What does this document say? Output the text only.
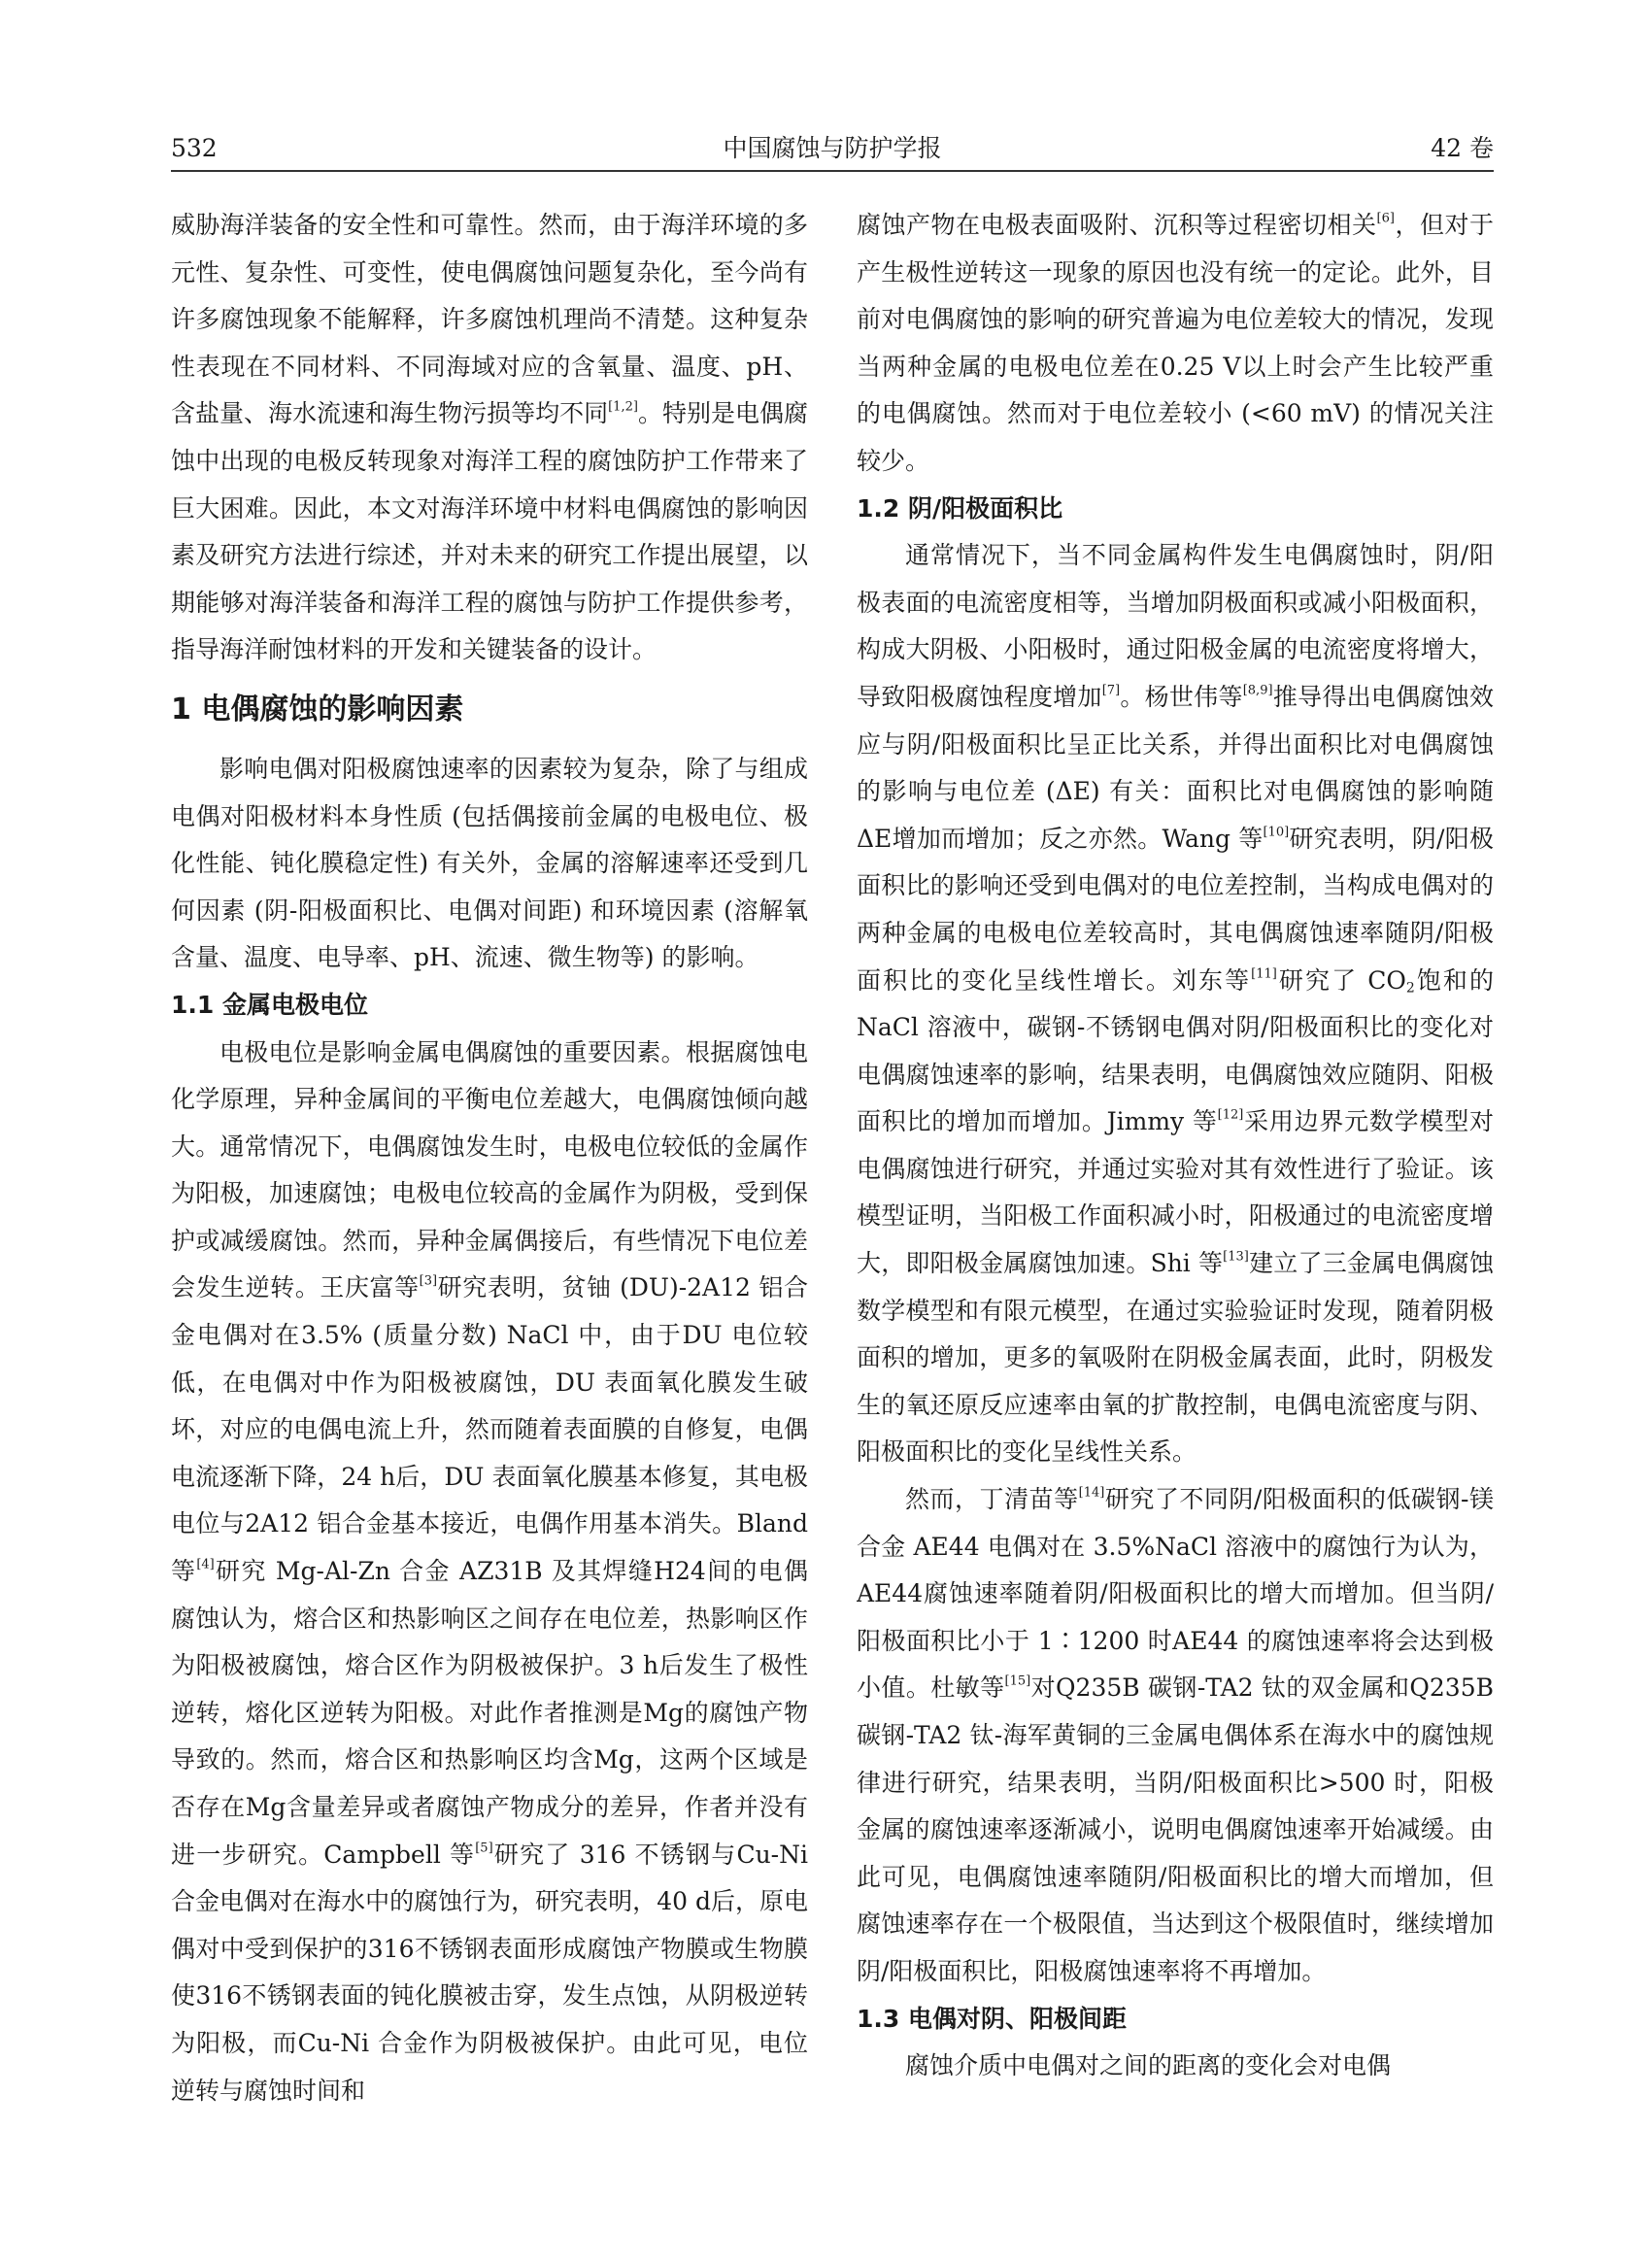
532	中国腐蚀与防护学报	42 卷

威胁海洋装备的安全性和可靠性。然而，由于海洋环境的多元性、复杂性、可变性，使电偶腐蚀问题复杂化，至今尚有许多腐蚀现象不能解释，许多腐蚀机理尚不清楚。这种复杂性表现在不同材料、不同海域对应的含氧量、温度、pH、含盐量、海水流速和海生物污损等均不同[1,2]。特别是电偶腐蚀中出现的电极反转现象对海洋工程的腐蚀防护工作带来了巨大困难。因此，本文对海洋环境中材料电偶腐蚀的影响因素及研究方法进行综述，并对未来的研究工作提出展望，以期能够对海洋装备和海洋工程的腐蚀与防护工作提供参考，指导海洋耐蚀材料的开发和关键装备的设计。

1 电偶腐蚀的影响因素

影响电偶对阳极腐蚀速率的因素较为复杂，除了与组成电偶对阳极材料本身性质 (包括偶接前金属的电极电位、极化性能、钝化膜稳定性) 有关外，金属的溶解速率还受到几何因素 (阴-阳极面积比、电偶对间距) 和环境因素 (溶解氧含量、温度、电导率、pH、流速、微生物等) 的影响。

1.1 金属电极电位

电极电位是影响金属电偶腐蚀的重要因素。根据腐蚀电化学原理，异种金属间的平衡电位差越大，电偶腐蚀倾向越大。通常情况下，电偶腐蚀发生时，电极电位较低的金属作为阳极，加速腐蚀；电极电位较高的金属作为阴极，受到保护或减缓腐蚀。然而，异种金属偶接后，有些情况下电位差会发生逆转。王庆富等[3]研究表明，贫铀 (DU)-2A12 铝合金电偶对在3.5% (质量分数) NaCl 中，由于DU 电位较低，在电偶对中作为阳极被腐蚀，DU 表面氧化膜发生破坏，对应的电偶电流上升，然而随着表面膜的自修复，电偶电流逐渐下降，24 h后，DU 表面氧化膜基本修复，其电极电位与2A12 铝合金基本接近，电偶作用基本消失。Bland 等[4]研究 Mg-Al-Zn 合金 AZ31B 及其焊缝H24间的电偶腐蚀认为，熔合区和热影响区之间存在电位差，热影响区作为阳极被腐蚀，熔合区作为阴极被保护。3 h后发生了极性逆转，熔化区逆转为阳极。对此作者推测是Mg的腐蚀产物导致的。然而，熔合区和热影响区均含Mg，这两个区域是否存在Mg含量差异或者腐蚀产物成分的差异，作者并没有进一步研究。Campbell 等[5]研究了 316 不锈钢与Cu-Ni 合金电偶对在海水中的腐蚀行为，研究表明，40 d后，原电偶对中受到保护的316不锈钢表面形成腐蚀产物膜或生物膜使316不锈钢表面的钝化膜被击穿，发生点蚀，从阴极逆转为阳极，而Cu-Ni 合金作为阴极被保护。由此可见，电位逆转与腐蚀时间和

腐蚀产物在电极表面吸附、沉积等过程密切相关[6]，但对于产生极性逆转这一现象的原因也没有统一的定论。此外，目前对电偶腐蚀的影响的研究普遍为电位差较大的情况，发现当两种金属的电极电位差在0.25 V以上时会产生比较严重的电偶腐蚀。然而对于电位差较小 (<60 mV) 的情况关注较少。

1.2 阴/阳极面积比

通常情况下，当不同金属构件发生电偶腐蚀时，阴/阳极表面的电流密度相等，当增加阴极面积或减小阳极面积，构成大阴极、小阳极时，通过阳极金属的电流密度将增大，导致阳极腐蚀程度增加[7]。杨世伟等[8,9]推导得出电偶腐蚀效应与阴/阳极面积比呈正比关系，并得出面积比对电偶腐蚀的影响与电位差 (ΔE) 有关：面积比对电偶腐蚀的影响随ΔE增加而增加；反之亦然。Wang 等[10]研究表明，阴/阳极面积比的影响还受到电偶对的电位差控制，当构成电偶对的两种金属的电极电位差较高时，其电偶腐蚀速率随阴/阳极面积比的变化呈线性增长。刘东等[11]研究了 $CO_2$饱和的 NaCl 溶液中，碳钢-不锈钢电偶对阴/阳极面积比的变化对电偶腐蚀速率的影响，结果表明，电偶腐蚀效应随阴、阳极面积比的增加而增加。Jimmy 等[12]采用边界元数学模型对电偶腐蚀进行研究，并通过实验对其有效性进行了验证。该模型证明，当阳极工作面积减小时，阳极通过的电流密度增大，即阳极金属腐蚀加速。Shi 等[13]建立了三金属电偶腐蚀数学模型和有限元模型，在通过实验验证时发现，随着阴极面积的增加，更多的氧吸附在阴极金属表面，此时，阴极发生的氧还原反应速率由氧的扩散控制，电偶电流密度与阴、阳极面积比的变化呈线性关系。

然而，丁清苗等[14]研究了不同阴/阳极面积的低碳钢-镁合金 AE44 电偶对在 3.5%NaCl 溶液中的腐蚀行为认为，AE44腐蚀速率随着阴/阳极面积比的增大而增加。但当阴/阳极面积比小于 1∶1200 时AE44 的腐蚀速率将会达到极小值。杜敏等[15]对Q235B 碳钢-TA2 钛的双金属和Q235B 碳钢-TA2 钛-海军黄铜的三金属电偶体系在海水中的腐蚀规律进行研究，结果表明，当阴/阳极面积比>500 时，阳极金属的腐蚀速率逐渐减小，说明电偶腐蚀速率开始减缓。由此可见，电偶腐蚀速率随阴/阳极面积比的增大而增加，但腐蚀速率存在一个极限值，当达到这个极限值时，继续增加阴/阳极面积比，阳极腐蚀速率将不再增加。

1.3 电偶对阴、阳极间距

腐蚀介质中电偶对之间的距离的变化会对电偶
